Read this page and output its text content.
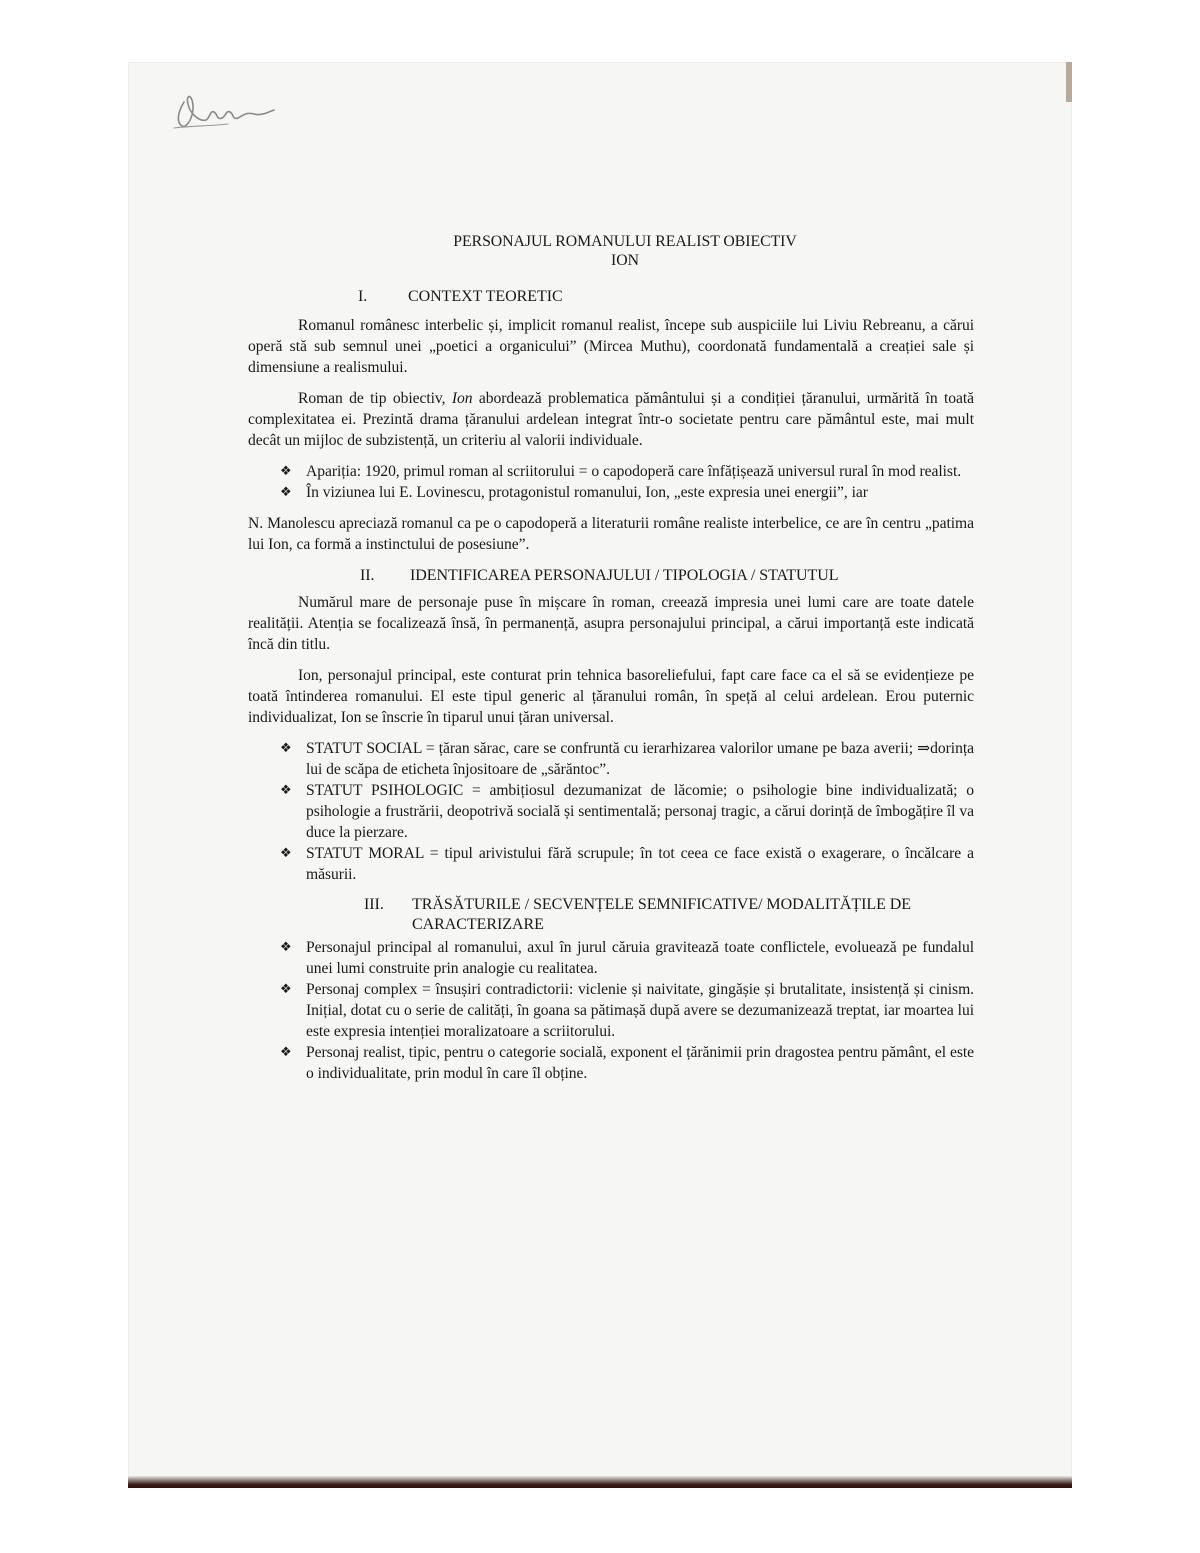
PERSONAJUL ROMANULUI REALIST OBIECTIV
ION
I.	CONTEXT TEORETIC

Romanul românesc interbelic și, implicit romanul realist, începe sub auspiciile lui Liviu Rebreanu, a cărui operă stă sub semnul unei „poetici a organicului” (Mircea Muthu), coordonată fundamentală a creației sale și dimensiune a realismului.

Roman de tip obiectiv, Ion abordează problematica pământului și a condiției țăranului, urmărită în toată complexitatea ei. Prezintă drama țăranului ardelean integrat într-o societate pentru care pământul este, mai mult decât un mijloc de subzistență, un criteriu al valorii individuale.

❖ Apariția: 1920, primul roman al scriitorului = o capodoperă care înfățișează universul rural în mod realist.
❖ În viziunea lui E. Lovinescu, protagonistul romanului, Ion, „este expresia unei energii”, iar

N. Manolescu apreciază romanul ca pe o capodoperă a literaturii române realiste interbelice, ce are în centru „patima lui Ion, ca formă a instinctului de posesiune”.

II.	IDENTIFICAREA PERSONAJULUI / TIPOLOGIA / STATUTUL

Numărul mare de personaje puse în mișcare în roman, creează impresia unei lumi care are toate datele realității. Atenția se focalizează însă, în permanență, asupra personajului principal, a cărui importanță este indicată încă din titlu.

Ion, personajul principal, este conturat prin tehnica basoreliefului, fapt care face ca el să se evidențieze pe toată întinderea romanului. El este tipul generic al țăranului român, în speță al celui ardelean. Erou puternic individualizat, Ion se înscrie în tiparul unui țăran universal.

❖ STATUT SOCIAL = țăran sărac, care se confruntă cu ierarhizarea valorilor umane pe baza averii; ⇒dorința lui de scăpa de eticheta înjositoare de „sărăntoc”.
❖ STATUT PSIHOLOGIC = ambițiosul dezumanizat de lăcomie; o psihologie bine individualizată; o psihologie a frustrării, deopotrivă socială și sentimentală; personaj tragic, a cărui dorință de îmbogățire îl va duce la pierzare.
❖ STATUT MORAL = tipul arivistului fără scrupule; în tot ceea ce face există o exagerare, o încălcare a măsurii.
III.	TRĂSĂTURILE / SECVENȚELE SEMNIFICATIVE/ MODALITĂȚILE DE CARACTERIZARE
❖ Personajul principal al romanului, axul în jurul căruia gravitează toate conflictele, evoluează pe fundalul unei lumi construite prin analogie cu realitatea.
❖ Personaj complex = însușiri contradictorii: viclenie și naivitate, gingășie și brutalitate, insistență și cinism. Inițial, dotat cu o serie de calități, în goana sa pătimașă după avere se dezumanizează treptat, iar moartea lui este expresia intenției moralizatoare a scriitorului.
❖ Personaj realist, tipic, pentru o categorie socială, exponent el țărănimii prin dragostea pentru pământ, el este o individualitate, prin modul în care îl obține.
